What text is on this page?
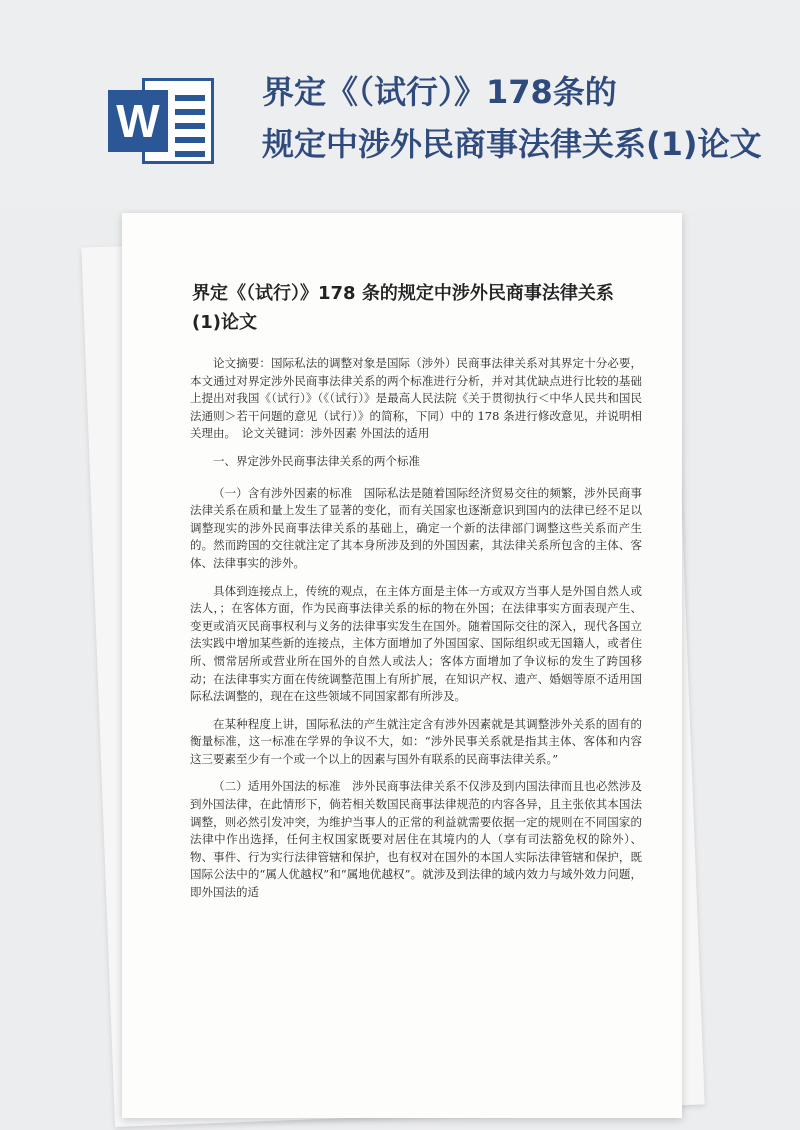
W
界定《（试行）》178条的
规定中涉外民商事法律关系(1)论文
界定《（试行）》178 条的规定中涉外民商事法律关系(1)论文

论文摘要：国际私法的调整对象是国际（涉外）民商事法律关系对其界定十分必要，本文通过对界定涉外民商事法律关系的两个标准进行分析，并对其优缺点进行比较的基础上提出对我国《（试行）》（《（试行）》是最高人民法院《关于贯彻执行＜中华人民共和国民法通则＞若干问题的意见（试行）》的简称，下同）中的 178 条进行修改意见，并说明相关理由。　论文关键词：涉外因素 外国法的适用

一、界定涉外民商事法律关系的两个标准

（一）含有涉外因素的标准　国际私法是随着国际经济贸易交往的频繁，涉外民商事法律关系在质和量上发生了显著的变化，而有关国家也逐渐意识到国内的法律已经不足以调整现实的涉外民商事法律关系的基础上，确定一个新的法律部门调整这些关系而产生的。然而跨国的交往就注定了其本身所涉及到的外国因素，其法律关系所包含的主体、客体、法律事实的涉外。

具体到连接点上，传统的观点，在主体方面是主体一方或双方当事人是外国自然人或法人，；在客体方面，作为民商事法律关系的标的物在外国；在法律事实方面表现产生、变更或消灭民商事权利与义务的法律事实发生在国外。随着国际交往的深入，现代各国立法实践中增加某些新的连接点，主体方面增加了外国国家、国际组织或无国籍人，或者住所、惯常居所或营业所在国外的自然人或法人；客体方面增加了争议标的发生了跨国移动；在法律事实方面在传统调整范围上有所扩展，在知识产权、遗产、婚姻等原不适用国际私法调整的，现在在这些领域不同国家都有所涉及。

在某种程度上讲，国际私法的产生就注定含有涉外因素就是其调整涉外关系的固有的衡量标准，这一标准在学界的争议不大，如：“涉外民事关系就是指其主体、客体和内容这三要素至少有一个或一个以上的因素与国外有联系的民商事法律关系。”

（二）适用外国法的标准　涉外民商事法律关系不仅涉及到内国法律而且也必然涉及到外国法律，在此情形下，倘若相关数国民商事法律规范的内容各异，且主张依其本国法调整，则必然引发冲突，为维护当事人的正常的利益就需要依据一定的规则在不同国家的法律中作出选择，任何主权国家既要对居住在其境内的人（享有司法豁免权的除外）、物、事件、行为实行法律管辖和保护，也有权对在国外的本国人实际法律管辖和保护，既国际公法中的“属人优越权”和“属地优越权”。就涉及到法律的域内效力与域外效力问题，即外国法的适
